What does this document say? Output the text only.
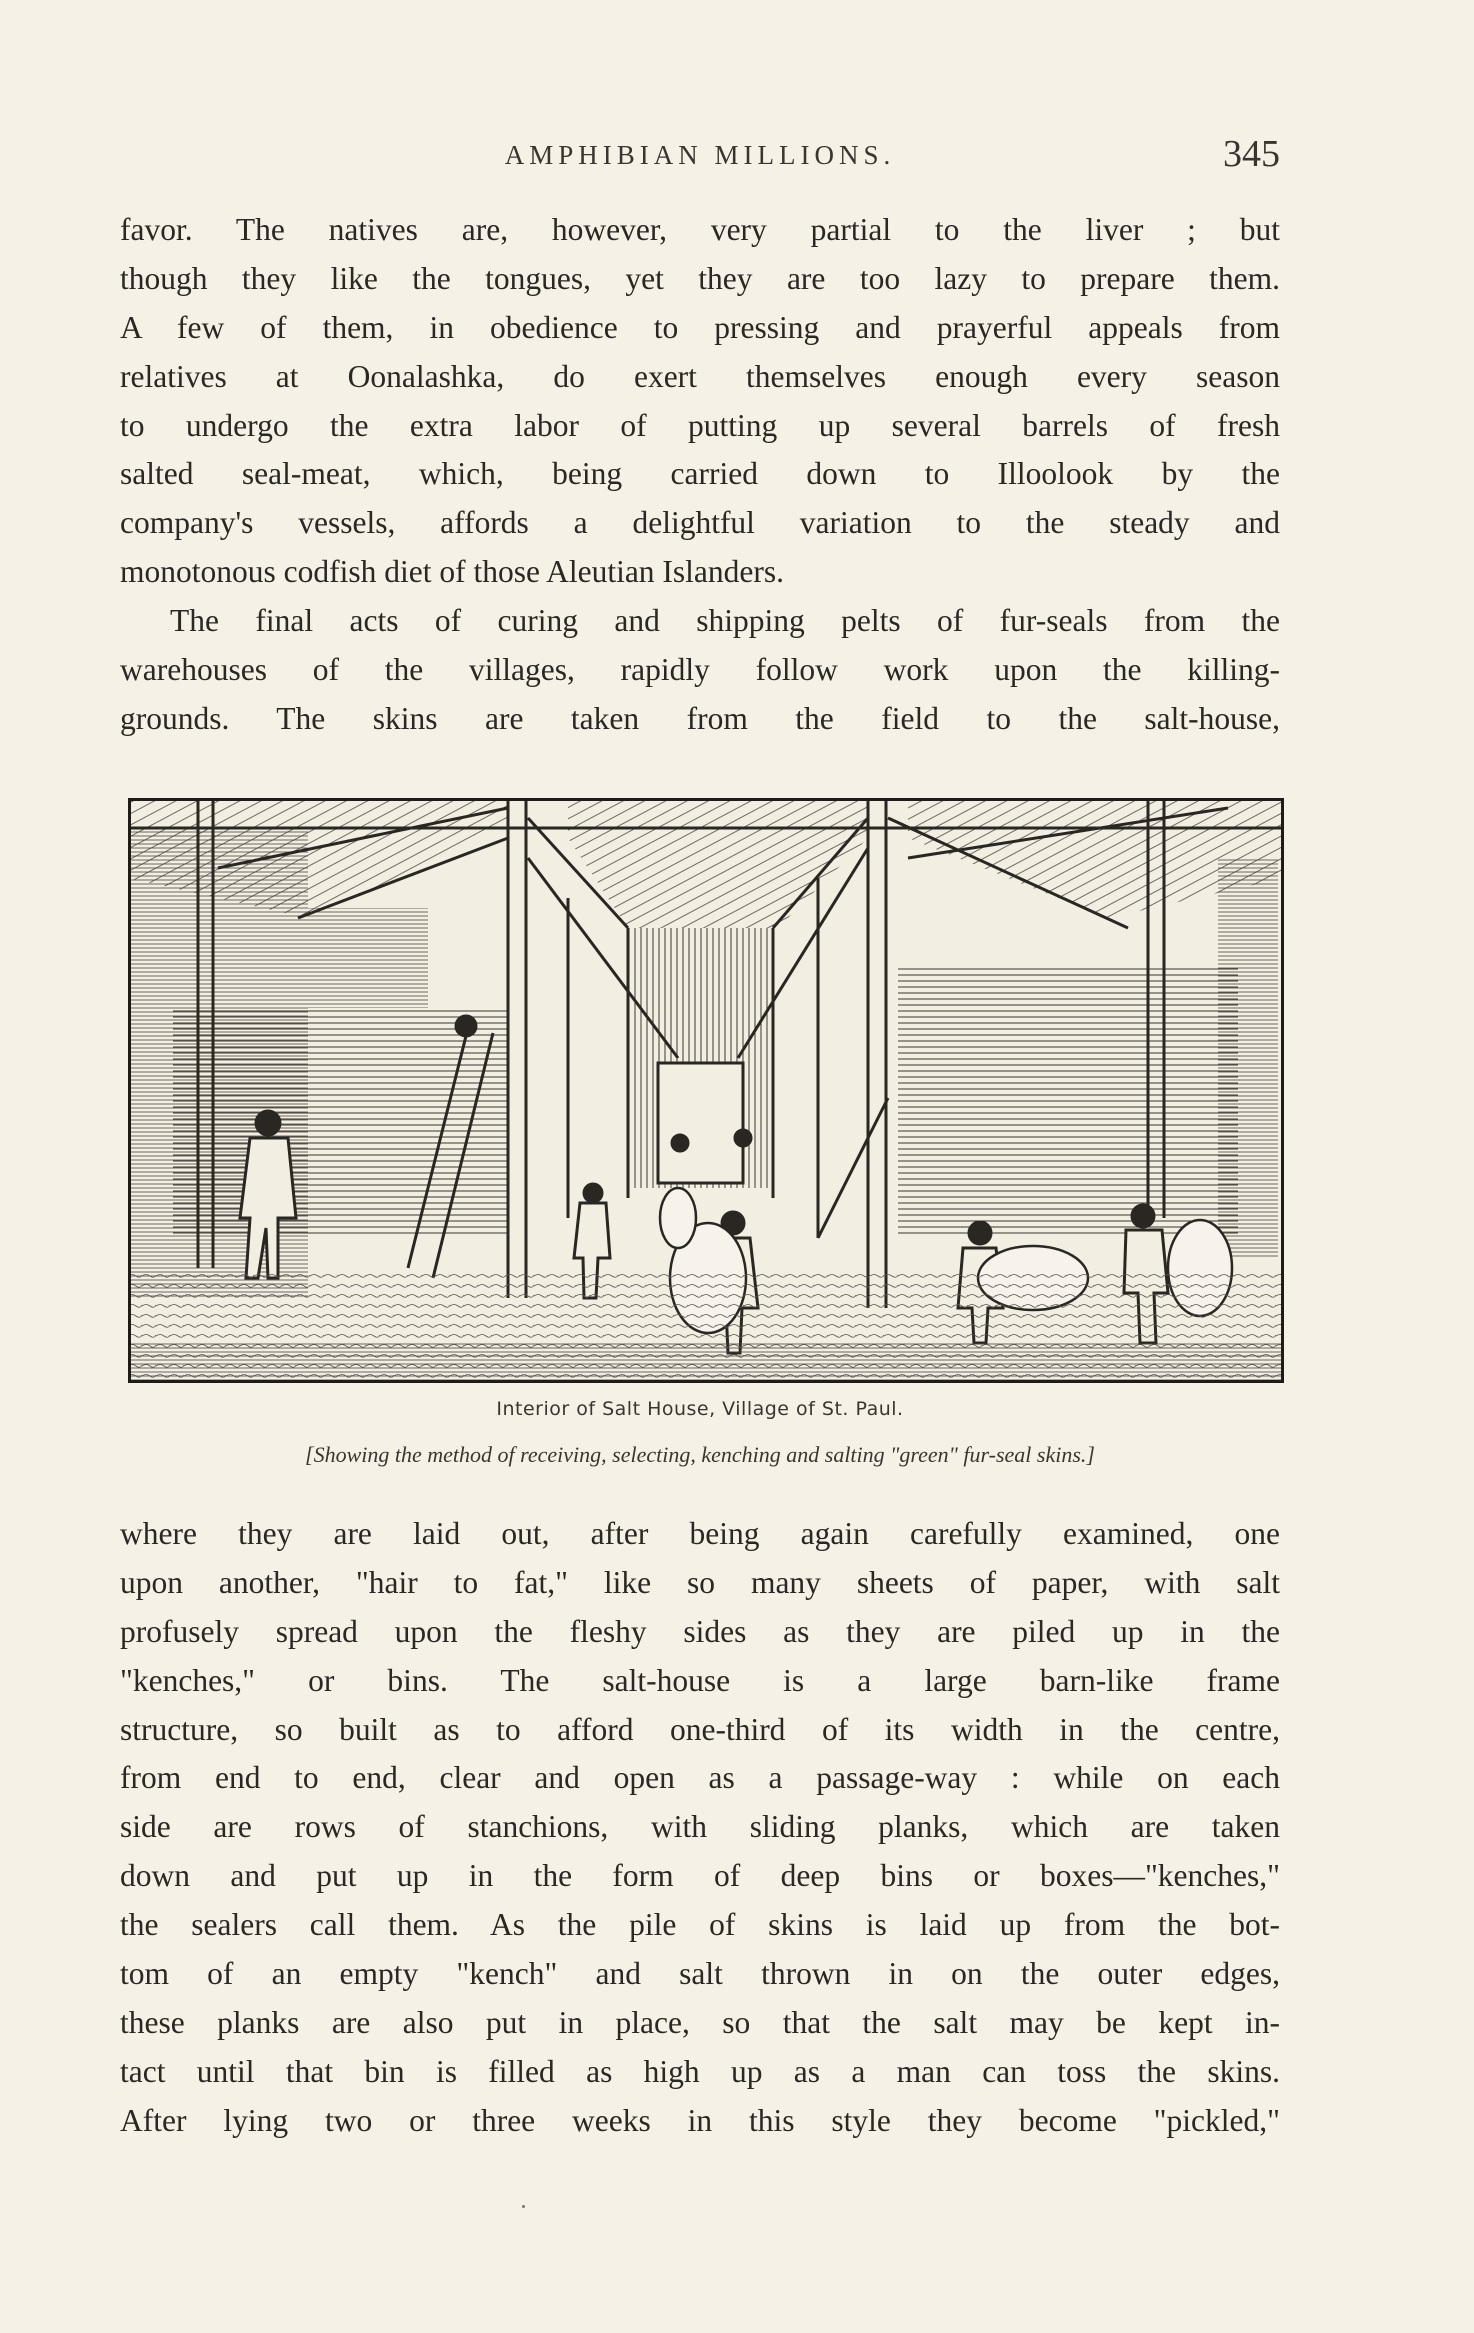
AMPHIBIAN MILLIONS.	345
favor. The natives are, however, very partial to the liver ; but
though they like the tongues, yet they are too lazy to prepare them.
A few of them, in obedience to pressing and prayerful appeals from
relatives at Oonalashka, do exert themselves enough every season
to undergo the extra labor of putting up several barrels of fresh
salted seal-meat, which, being carried down to Illoolook by the
company's vessels, affords a delightful variation to the steady and
monotonous codfish diet of those Aleutian Islanders.
The final acts of curing and shipping pelts of fur-seals from the
warehouses of the villages, rapidly follow work upon the killing-
grounds. The skins are taken from the field to the salt-house,
Interior of Salt House, Village of St. Paul.
[Showing the method of receiving, selecting, kenching and salting "green" fur-seal skins.]
where they are laid out, after being again carefully examined, one
upon another, "hair to fat," like so many sheets of paper, with salt
profusely spread upon the fleshy sides as they are piled up in the
"kenches," or bins. The salt-house is a large barn-like frame
structure, so built as to afford one-third of its width in the centre,
from end to end, clear and open as a passage-way : while on each
side are rows of stanchions, with sliding planks, which are taken
down and put up in the form of deep bins or boxes—"kenches,"
the sealers call them. As the pile of skins is laid up from the bot-
tom of an empty "kench" and salt thrown in on the outer edges,
these planks are also put in place, so that the salt may be kept in-
tact until that bin is filled as high up as a man can toss the skins.
After lying two or three weeks in this style they become "pickled,"
